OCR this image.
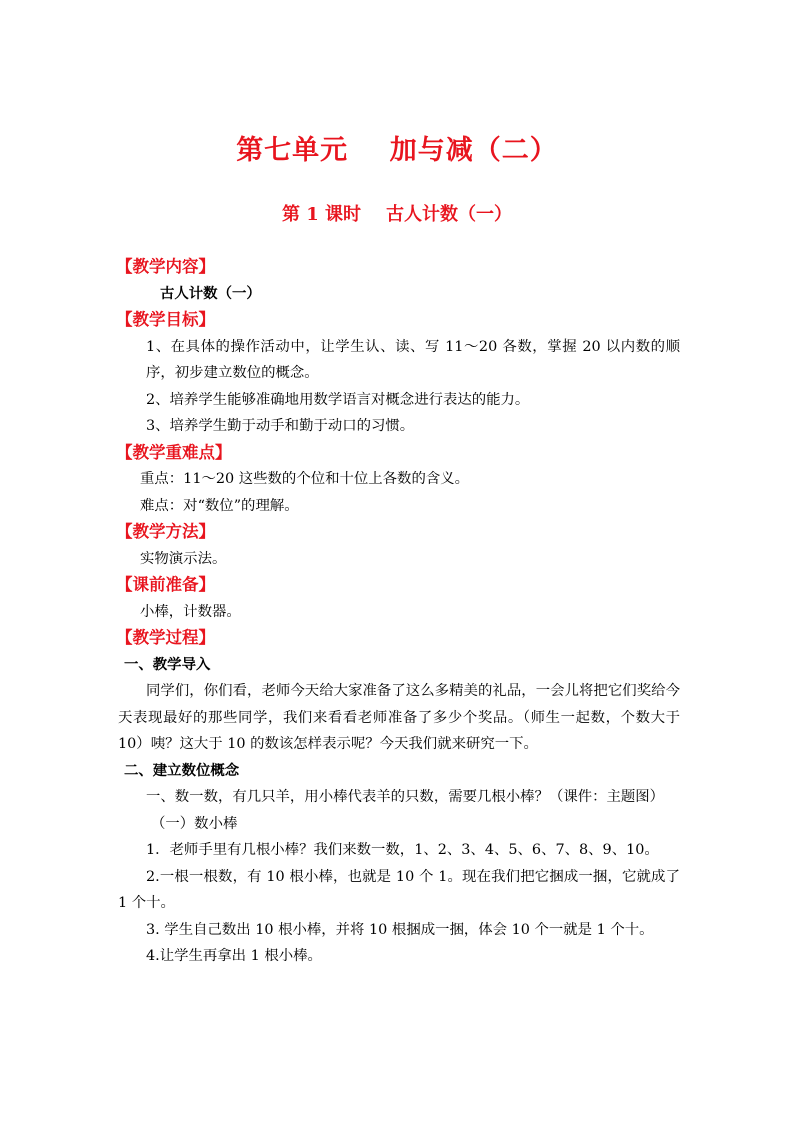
第七单元    加与减（二）
第 1 课时    古人计数（一）

【教学内容】

古人计数（一）

【教学目标】

1、在具体的操作活动中，让学生认、读、写 11～20 各数，掌握 20 以内数的顺序，初步建立数位的概念。

2、培养学生能够准确地用数学语言对概念进行表达的能力。

3、培养学生勤于动手和勤于动口的习惯。

【教学重难点】

重点：11～20 这些数的个位和十位上各数的含义。

难点：对“数位”的理解。

【教学方法】

实物演示法。

【课前准备】

小棒，计数器。

【教学过程】

一、教学导入

同学们，你们看，老师今天给大家准备了这么多精美的礼品，一会儿将把它们奖给今天表现最好的那些同学，我们来看看老师准备了多少个奖品。（师生一起数，个数大于 10）咦？这大于 10 的数该怎样表示呢？今天我们就来研究一下。

二、建立数位概念

一、数一数，有几只羊，用小棒代表羊的只数，需要几根小棒？（课件：主题图）

（一）数小棒

1．老师手里有几根小棒？我们来数一数，1、2、3、4、5、6、7、8、9、10。

2.一根一根数，有 10 根小棒，也就是 10 个 1。现在我们把它捆成一捆，它就成了 1 个十。

3. 学生自己数出 10 根小棒，并将 10 根捆成一捆，体会 10 个一就是 1 个十。

4.让学生再拿出 1 根小棒。
